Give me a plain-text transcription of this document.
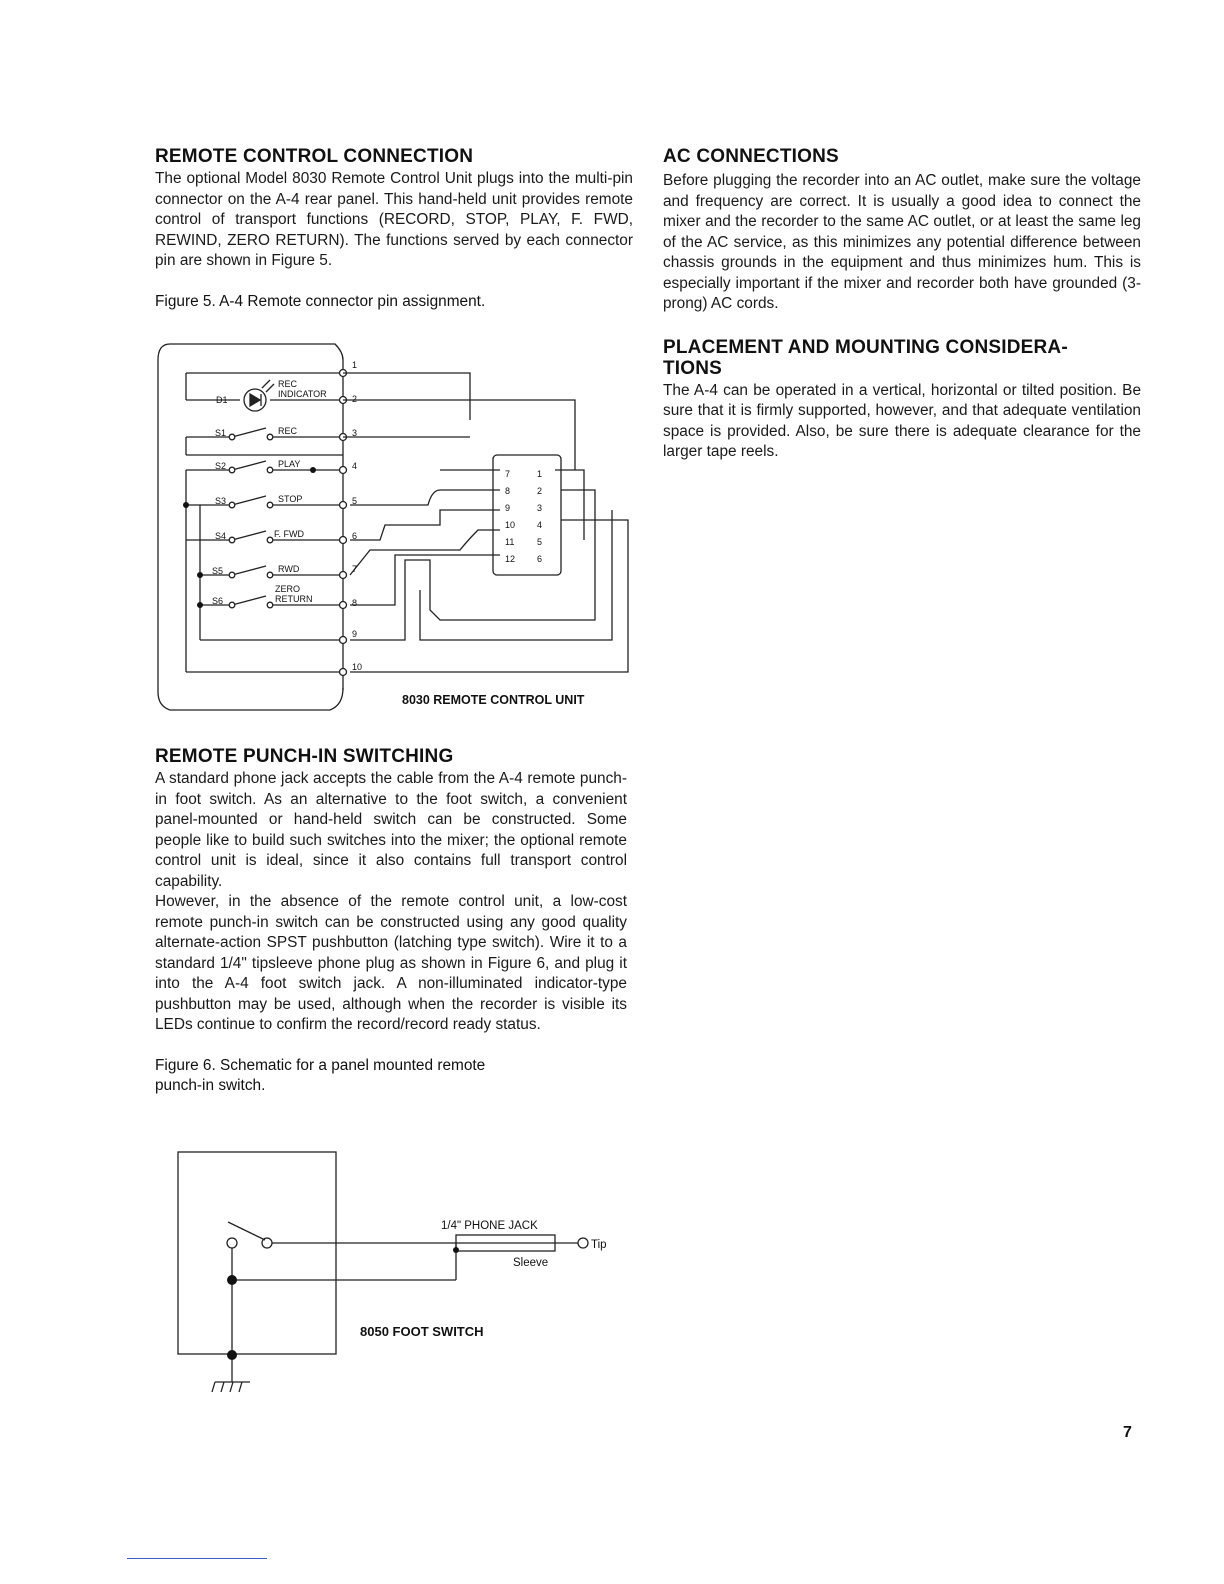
REMOTE CONTROL CONNECTION

The optional Model 8030 Remote Control Unit plugs into the multi-pin connector on the A-4 rear panel. This hand-held unit provides remote control of transport functions (RECORD, STOP, PLAY, F. FWD, REWIND, ZERO RETURN). The functions served by each connector pin are shown in Figure 5.

Figure 5. A-4 Remote connector pin assignment.

D1
REC
INDICATOR
S1	REC
S2	PLAY
S3	STOP
S4	F. FWD
S5	RWD
S6
ZERO
RETURN
1
2
3
4
5
6
7
8
9
10
7
8
9
10
11
12
1
2
3
4
5
6
8030 REMOTE CONTROL UNIT
REMOTE PUNCH-IN SWITCHING

A standard phone jack accepts the cable from the A-4 remote punch-in foot switch. As an alternative to the foot switch, a convenient panel-mounted or hand-held switch can be constructed. Some people like to build such switches into the mixer; the optional remote control unit is ideal, since it also contains full transport control capability.

However, in the absence of the remote control unit, a low-cost remote punch-in switch can be constructed using any good quality alternate-action SPST pushbutton (latching type switch). Wire it to a standard 1/4" tipsleeve phone plug as shown in Figure 6, and plug it into the A-4 foot switch jack. A non-illuminated indicator-type pushbutton may be used, although when the recorder is visible its LEDs continue to confirm the record/record ready status.

Figure 6. Schematic for a panel mounted remote

punch-in switch.

1/4" PHONE JACK
Tip
Sleeve
8050 FOOT SWITCH
AC CONNECTIONS

Before plugging the recorder into an AC outlet, make sure the voltage and frequency are correct. It is usually a good idea to connect the mixer and the recorder to the same AC outlet, or at least the same leg of the AC service, as this minimizes any potential difference between chassis grounds in the equipment and thus minimizes hum. This is especially important if the mixer and recorder both have grounded (3-prong) AC cords.

PLACEMENT AND MOUNTING CONSIDERA-
TIONS

The A-4 can be operated in a vertical, horizontal or tilted position. Be sure that it is firmly supported, however, and that adequate ventilation space is provided. Also, be sure there is adequate clearance for the larger tape reels.

7
